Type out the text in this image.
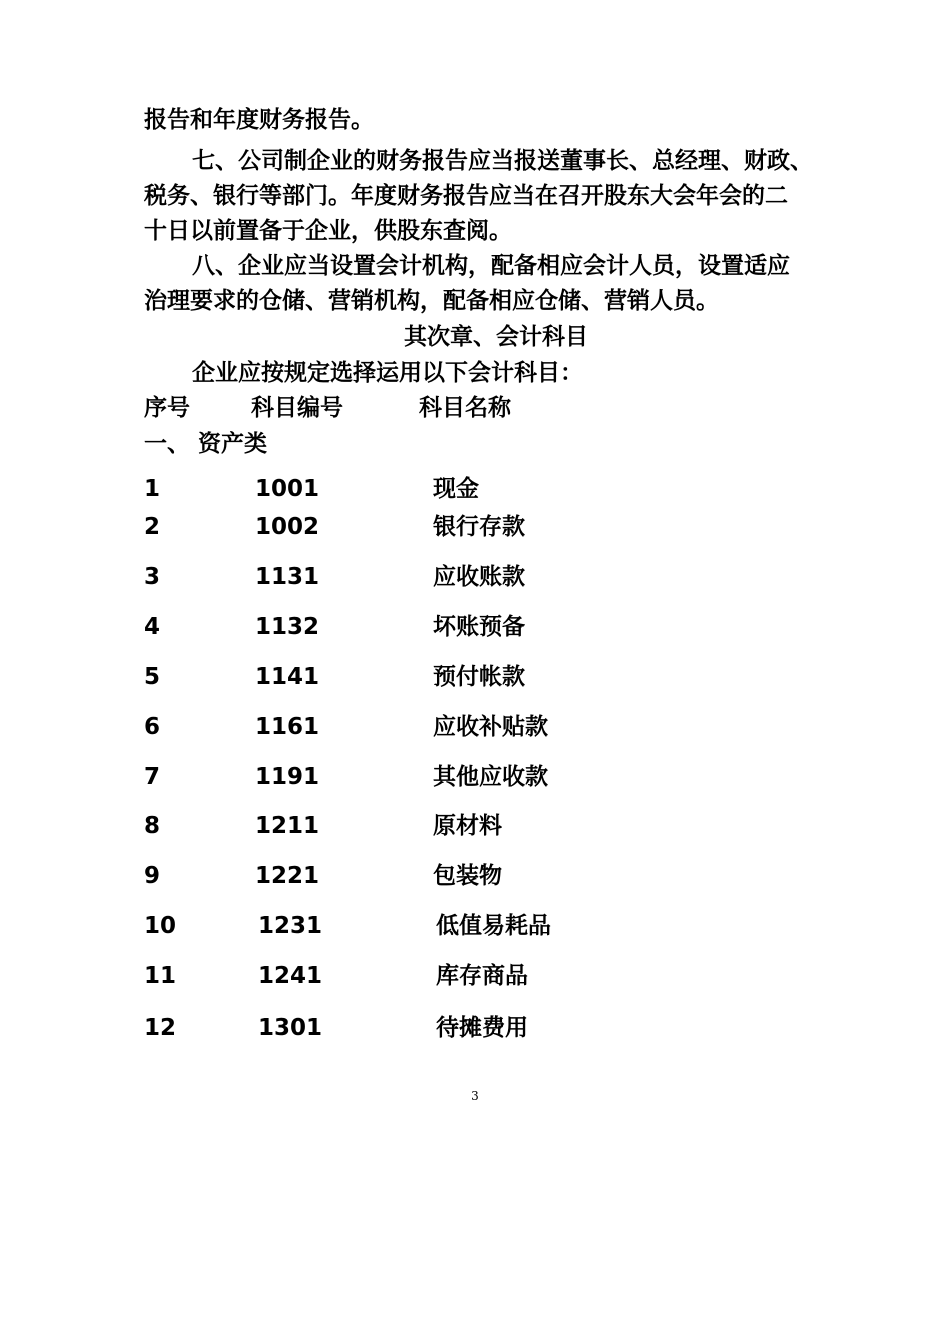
报告和年度财务报告。
七、公司制企业的财务报告应当报送董事长、总经理、财政、
税务、银行等部门。年度财务报告应当在召开股东大会年会的二
十日以前置备于企业，供股东查阅。
八、企业应当设置会计机构，配备相应会计人员，设置适应
治理要求的仓储、营销机构，配备相应仓储、营销人员。
其次章、会计科目
企业应按规定选择运用以下会计科目：
序号	科目编号	科目名称
一、 资产类
1	1001	现金
2	1002	银行存款
3	1131	应收账款
4	1132	坏账预备
5	1141	预付帐款
6	1161	应收补贴款
7	1191	其他应收款
8	1211	原材料
9	1221	包装物
10	1231	低值易耗品
11	1241	库存商品
12	1301	待摊费用
3
